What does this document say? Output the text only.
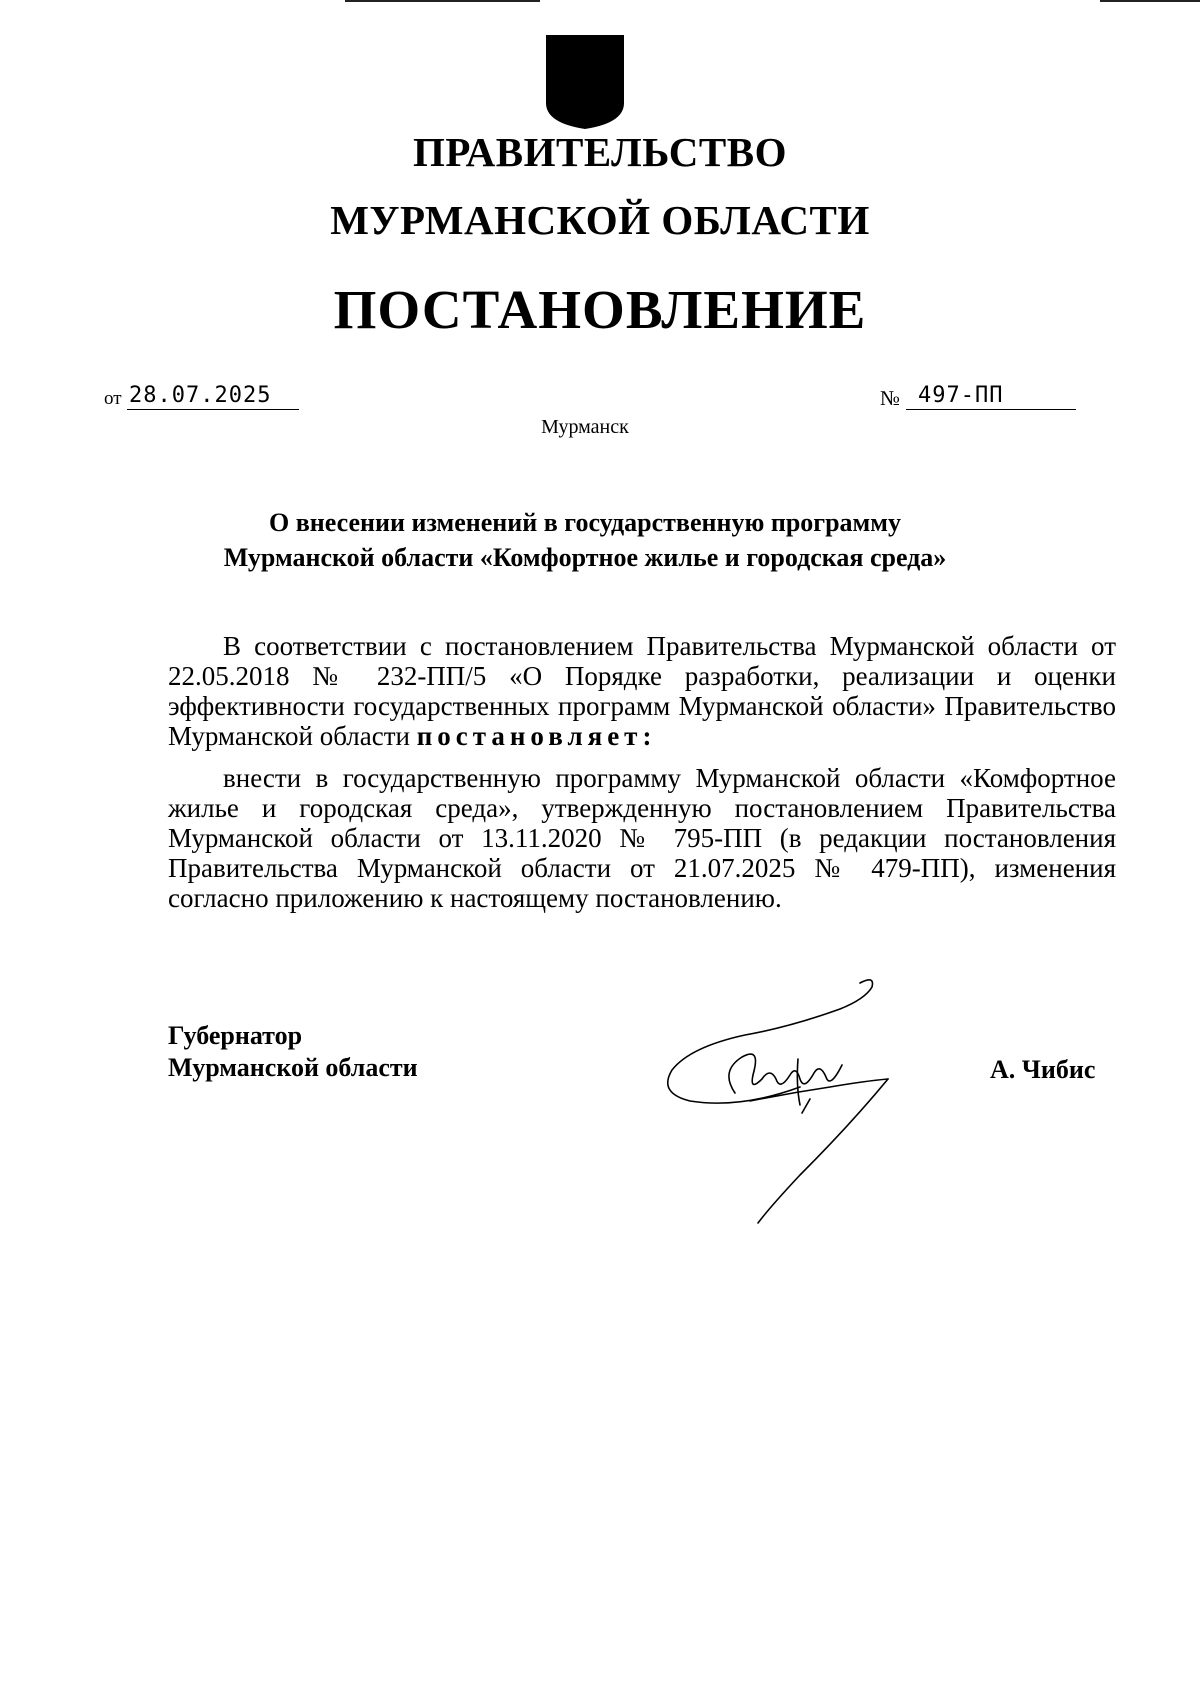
ПРАВИТЕЛЬСТВО
МУРМАНСКОЙ ОБЛАСТИ
ПОСТАНОВЛЕНИЕ
от 28.07.2025	№ 497-ПП
Мурманск
О внесении изменений в государственную программу
Мурманской области «Комфортное жилье и городская среда»
В соответствии с постановлением Правительства Мурманской области от 22.05.2018 № 232-ПП/5 «О Порядке разработки, реализации и оценки эффективности государственных программ Мурманской области» Правительство Мурманской области постановляет:
внести в государственную программу Мурманской области «Комфортное жилье и городская среда», утвержденную постановлением Правительства Мурманской области от 13.11.2020 № 795-ПП (в редакции постановления Правительства Мурманской области от 21.07.2025 № 479-ПП), изменения согласно приложению к настоящему постановлению.
Губернатор
Мурманской области	А. Чибис
